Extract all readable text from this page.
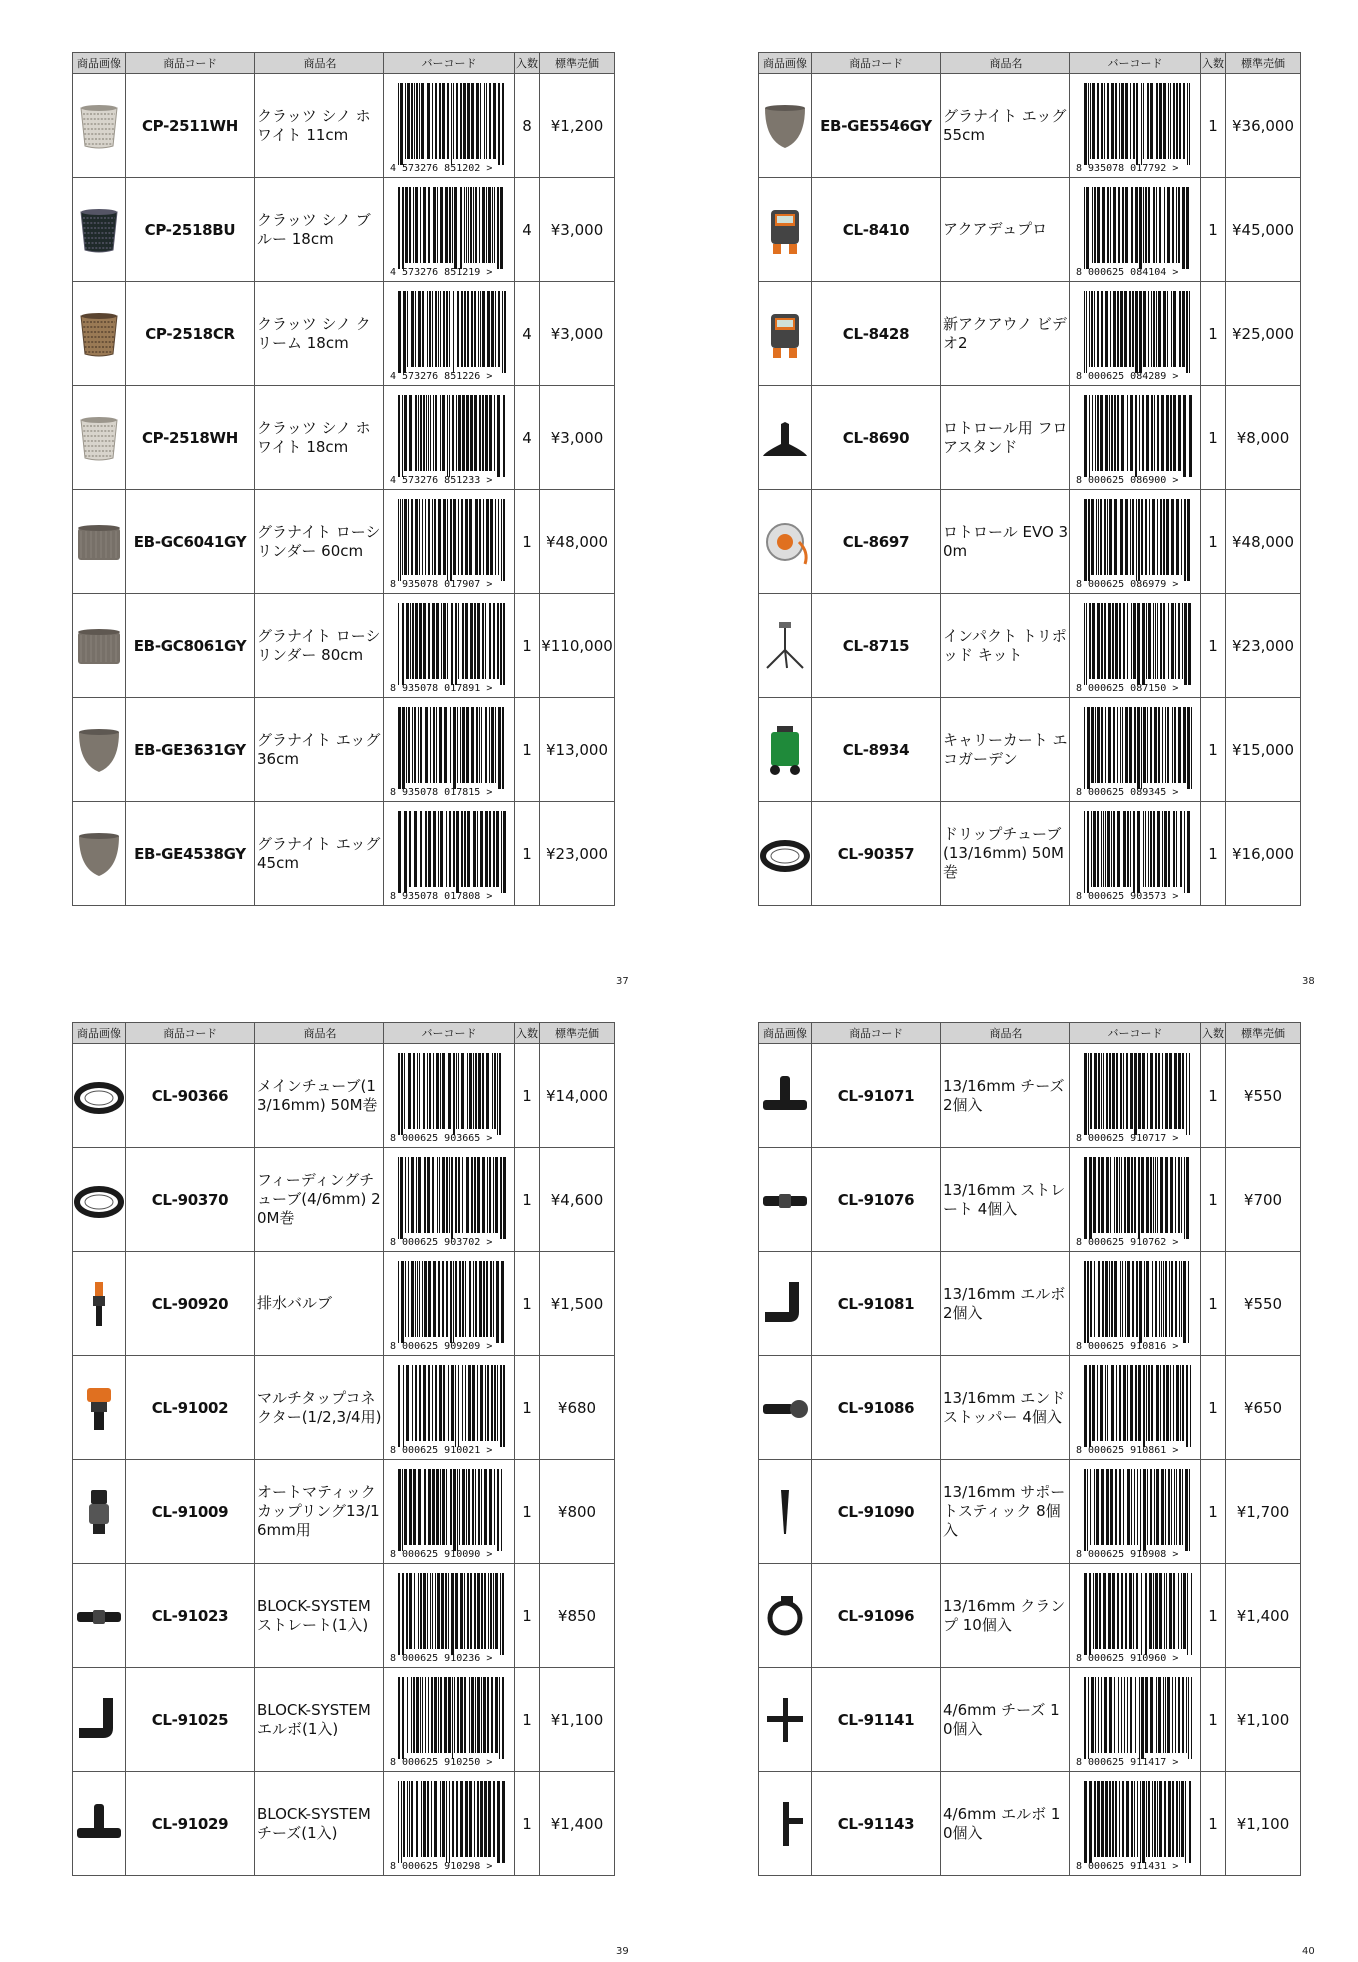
商品画像	商品コード	商品名	バーコード	入数	標準売価

	CP-2511WH	クラッツ シノ ホワイト 11cm	4 573276 851202 >	8	¥1,200

	CP-2518BU	クラッツ シノ ブルー 18cm	4 573276 851219 >	4	¥3,000

	CP-2518CR	クラッツ シノ クリーム 18cm	4 573276 851226 >	4	¥3,000

	CP-2518WH	クラッツ シノ ホワイト 18cm	4 573276 851233 >	4	¥3,000

	EB-GC6041GY	グラナイト ローシリンダー 60cm	8 935078 017907 >	1	¥48,000

	EB-GC8061GY	グラナイト ローシリンダー 80cm	8 935078 017891 >	1	¥110,000

	EB-GE3631GY	グラナイト エッグ 36cm	8 935078 017815 >	1	¥13,000

	EB-GE4538GY	グラナイト エッグ 45cm	8 935078 017808 >	1	¥23,000
37
商品画像	商品コード	商品名	バーコード	入数	標準売価

	EB-GE5546GY	グラナイト エッグ 55cm	8 935078 017792 >	1	¥36,000

	CL-8410	アクアデュプロ	8 000625 084104 >	1	¥45,000

	CL-8428	新アクアウノ ビデオ2	8 000625 084289 >	1	¥25,000

	CL-8690	ロトロール用 フロアスタンド	8 000625 086900 >	1	¥8,000

	CL-8697	ロトロール EVO 30m	8 000625 086979 >	1	¥48,000

	CL-8715	インパクト トリポッド キット	8 000625 087150 >	1	¥23,000

	CL-8934	キャリーカート エコガーデン	8 000625 089345 >	1	¥15,000

	CL-90357	ドリップチューブ(13/16mm) 50M巻	8 000625 903573 >	1	¥16,000
38
商品画像	商品コード	商品名	バーコード	入数	標準売価

	CL-90366	メインチューブ(13/16mm) 50M巻	8 000625 903665 >	1	¥14,000

	CL-90370	フィーディングチューブ(4/6mm) 20M巻	8 000625 903702 >	1	¥4,600

	CL-90920	排水バルブ	8 000625 909209 >	1	¥1,500

	CL-91002	マルチタップコネクター(1/2,3/4用)	8 000625 910021 >	1	¥680

	CL-91009	オートマティックカップリング13/16mm用	8 000625 910090 >	1	¥800

	CL-91023	BLOCK-SYSTEMストレート(1入)	8 000625 910236 >	1	¥850

	CL-91025	BLOCK-SYSTEMエルボ(1入)	8 000625 910250 >	1	¥1,100

	CL-91029	BLOCK-SYSTEMチーズ(1入)	8 000625 910298 >	1	¥1,400
39
商品画像	商品コード	商品名	バーコード	入数	標準売価

	CL-91071	13/16mm チーズ 2個入	8 000625 910717 >	1	¥550

	CL-91076	13/16mm ストレート 4個入	8 000625 910762 >	1	¥700

	CL-91081	13/16mm エルボ 2個入	8 000625 910816 >	1	¥550

	CL-91086	13/16mm エンドストッパー 4個入	8 000625 910861 >	1	¥650

	CL-91090	13/16mm サポートスティック 8個入	8 000625 910908 >	1	¥1,700

	CL-91096	13/16mm クランプ 10個入	8 000625 910960 >	1	¥1,400

	CL-91141	4/6mm チーズ 10個入	8 000625 911417 >	1	¥1,100

	CL-91143	4/6mm エルボ 10個入	8 000625 911431 >	1	¥1,100
40
